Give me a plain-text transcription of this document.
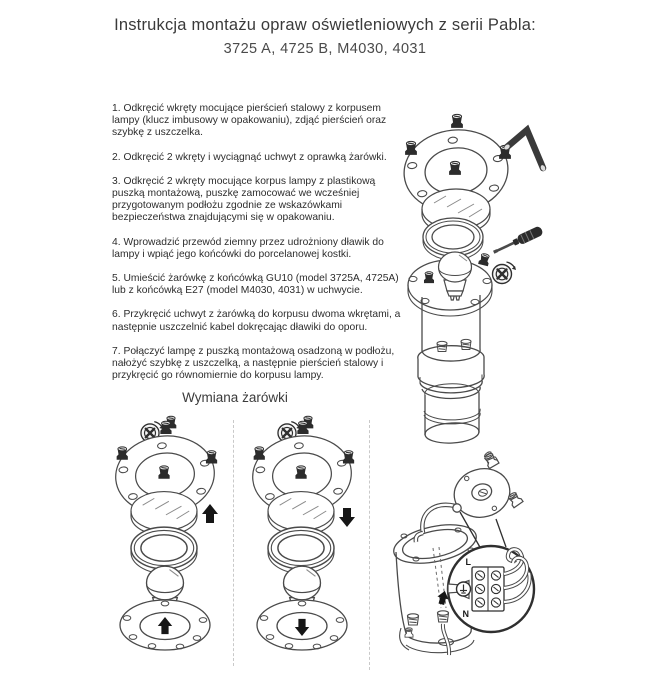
Instrukcja montażu opraw oświetleniowych z serii Pabla:
3725 A, 4725 B, M4030, 4031

1. Odkręcić wkręty mocujące pierścień stalowy z korpusem lampy (klucz imbusowy w opakowaniu), zdjąć pierścień oraz szybkę z uszczelka.

2. Odkręcić 2 wkręty i wyciągnąć uchwyt z oprawką żarówki.

3. Odkręcić 2 wkręty mocujące korpus lampy z plastikową puszką montażową, puszkę zamocować we wcześniej przygotowanym podłożu zgodnie ze wskazówkami bezpieczeństwa znajdującymi się w opakowaniu.

4. Wprowadzić przewód ziemny przez udrożniony dławik do lampy i wpiąć jego końcówki do porcelanowej kostki.

5. Umieścić żarówkę z końcówką GU10 (model 3725A, 4725A) lub z końcówką E27 (model M4030, 4031) w uchwycie.

6. Przykręcić uchwyt z żarówką do korpusu dwoma wkrętami, a następnie uszczelnić kabel dokręcając dławiki do oporu.

7. Połączyć lampę z puszką montażową osadzoną w podłożu, nałożyć szybkę z uszczelką, a następnie pierścień stalowy i przykręcić go równomiernie do korpusu lampy.

Wymiana żarówki
L
N
